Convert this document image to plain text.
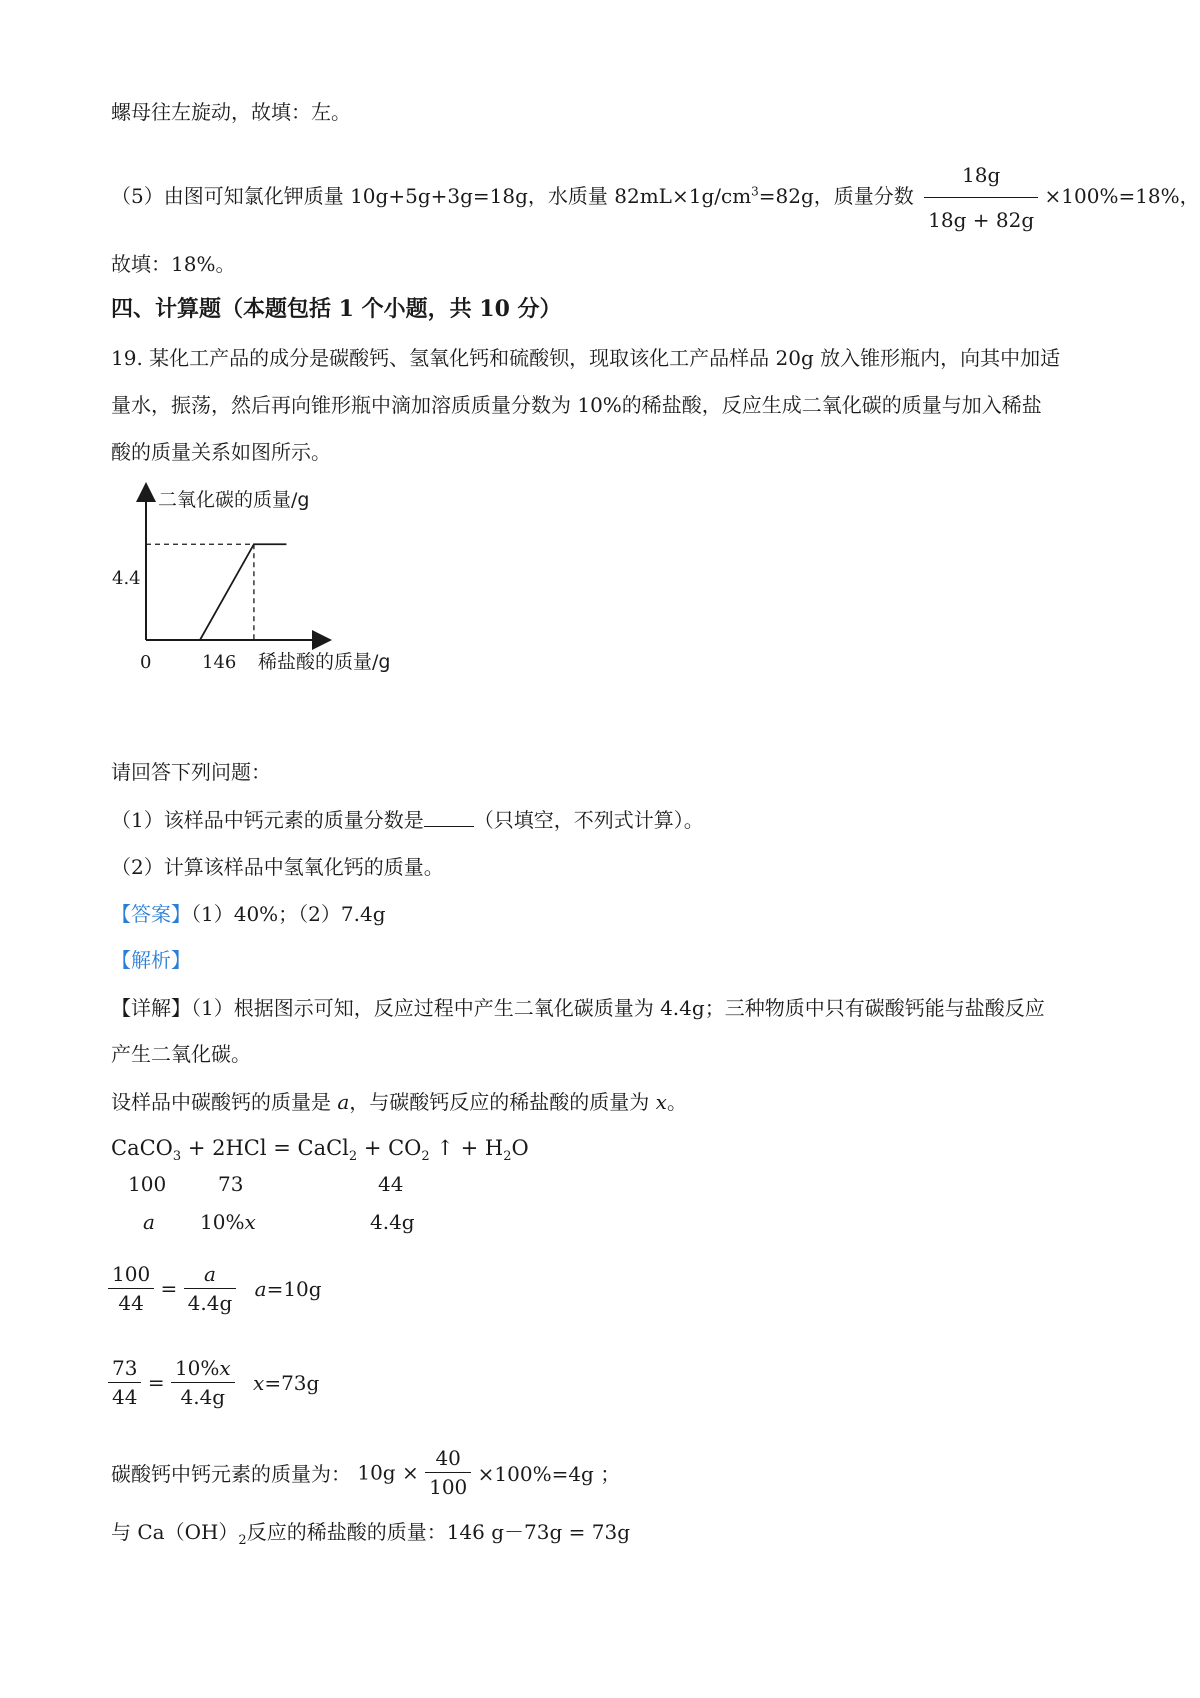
螺母往左旋动，故填：左。
（5）由图可知氯化钾质量 10g+5g+3g=18g，水质量 $82mL\times 1g/cm^3=82g$，质量分数 $\frac{18g}{18g + 82g} \times 100\%=18\%$，
故填：18%。
四、计算题（本题包括 1 个小题，共 10 分）
19. 某化工产品的成分是碳酸钙、氢氧化钙和硫酸钡，现取该化工产品样品 20g 放入锥形瓶内，向其中加适
量水，振荡，然后再向锥形瓶中滴加溶质质量分数为 10%的稀盐酸，反应生成二氧化碳的质量与加入稀盐
酸的质量关系如图所示。
二氧化碳的质量/g
4.4
0	146 稀盐酸的质量/g
请回答下列问题：
（1）该样品中钙元素的质量分数是	（只填空，不列式计算）。
（2）计算该样品中氢氧化钙的质量。
【答案】（1）40%；（2）7.4g
【解析】
【详解】（1）根据图示可知，反应过程中产生二氧化碳质量为 4.4g；三种物质中只有碳酸钙能与盐酸反应
产生二氧化碳。
设样品中碳酸钙的质量是 a，与碳酸钙反应的稀盐酸的质量为 x。
CaCO$_3$ + 2HCl = CaCl$_2$ + $CO_2$ ↑ + $H_2O$
100	73	44
a 10%x	4.4g
$\frac{100}{44} = \frac{a}{4.4g} a=10g$
$\frac{73}{44} = \frac{10\%x}{4.4g} x=73g$
碳酸钙中钙元素的质量为： $10g \times \frac{40}{100} \times 100\%=4g$ ；
与 $Ca(OH)_2$反应的稀盐酸的质量：146 g－73g = 73g
